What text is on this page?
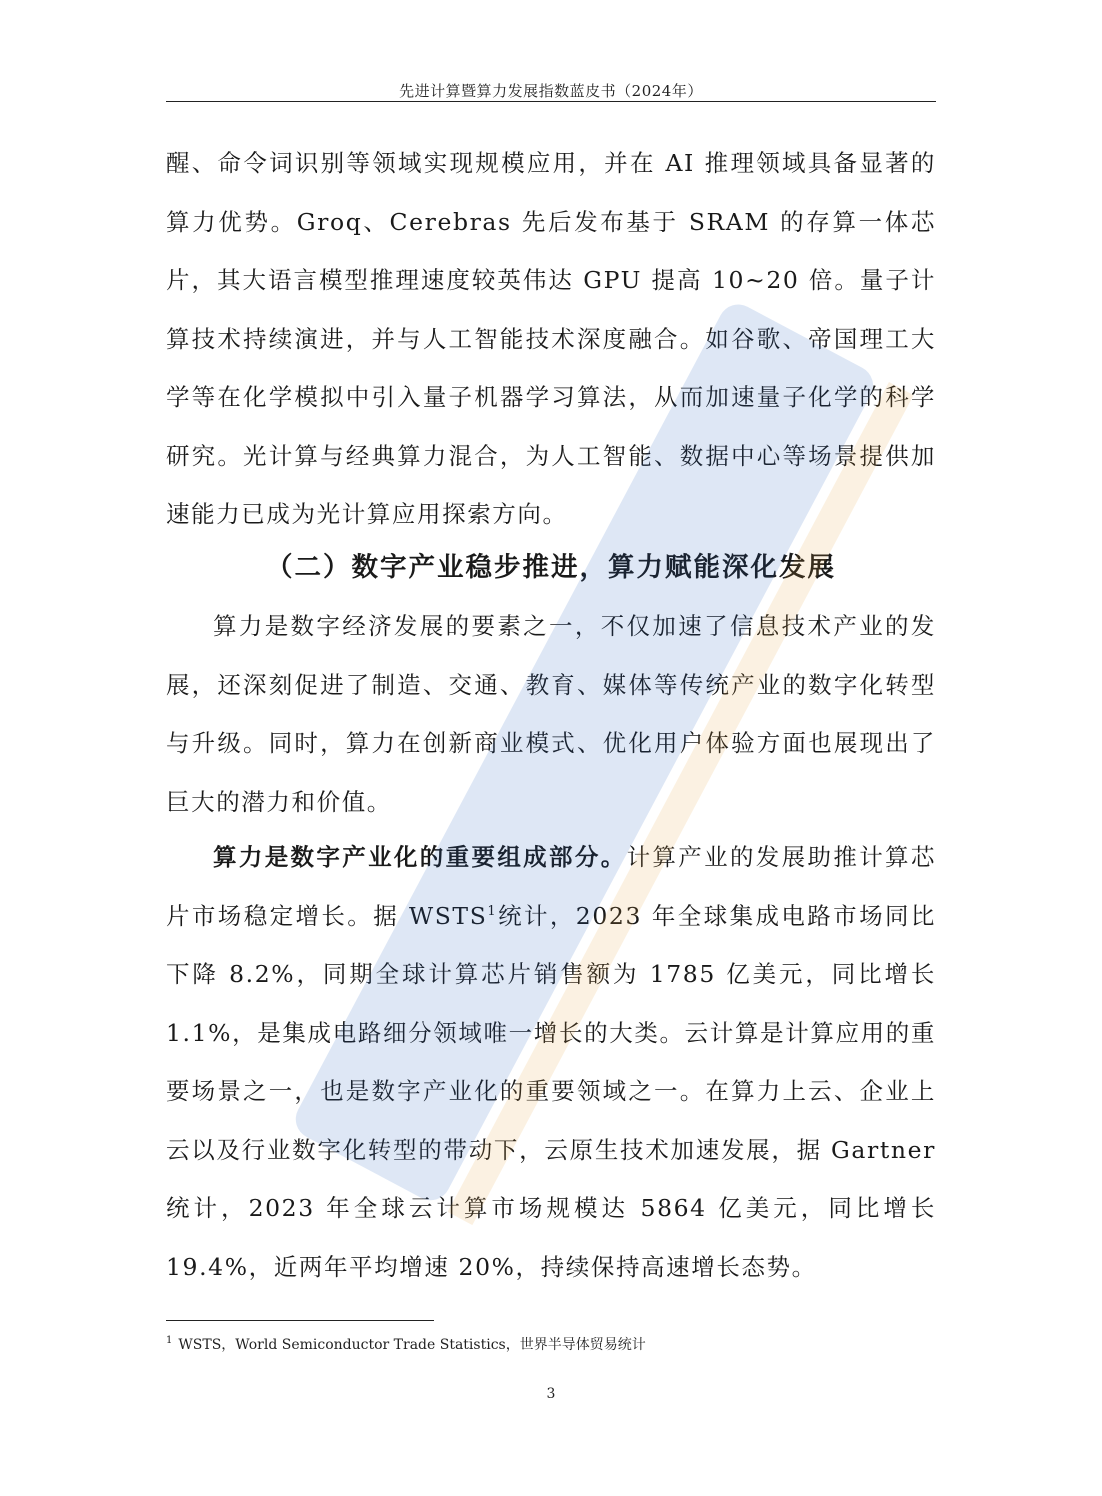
先进计算暨算力发展指数蓝皮书（2024年）

醒、命令词识别等领域实现规模应用，并在 AI 推理领域具备显著的算力优势。Groq、Cerebras 先后发布基于 SRAM 的存算一体芯片，其大语言模型推理速度较英伟达 GPU 提高 10~20 倍。量子计算技术持续演进，并与人工智能技术深度融合。如谷歌、帝国理工大学等在化学模拟中引入量子机器学习算法，从而加速量子化学的科学研究。光计算与经典算力混合，为人工智能、数据中心等场景提供加速能力已成为光计算应用探索方向。

（二）数字产业稳步推进，算力赋能深化发展

算力是数字经济发展的要素之一，不仅加速了信息技术产业的发展，还深刻促进了制造、交通、教育、媒体等传统产业的数字化转型与升级。同时，算力在创新商业模式、优化用户体验方面也展现出了巨大的潜力和价值。

算力是数字产业化的重要组成部分。计算产业的发展助推计算芯片市场稳定增长。据 WSTS$^1$统计，2023 年全球集成电路市场同比下降 8.2%，同期全球计算芯片销售额为 1785 亿美元，同比增长 1.1%，是集成电路细分领域唯一增长的大类。云计算是计算应用的重要场景之一，也是数字产业化的重要领域之一。在算力上云、企业上云以及行业数字化转型的带动下，云原生技术加速发展，据 Gartner 统计，2023 年全球云计算市场规模达 5864 亿美元，同比增长 19.4%，近两年平均增速 20%，持续保持高速增长态势。

$^1$ WSTS，World Semiconductor Trade Statistics，世界半导体贸易统计
3
